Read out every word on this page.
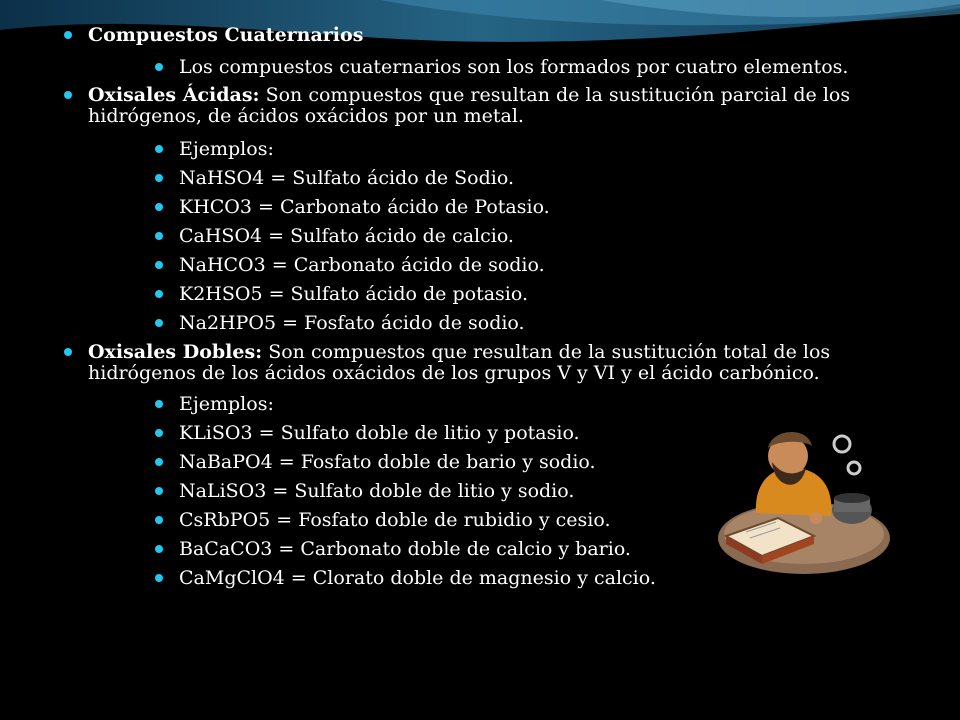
Compuestos Cuaternarios
Los compuestos cuaternarios son los formados por cuatro elementos.
Oxisales Ácidas: Son compuestos que resultan de la sustitución parcial de los hidrógenos, de ácidos oxácidos por un metal.
Ejemplos:
NaHSO4 = Sulfato ácido de Sodio.
KHCO3 = Carbonato ácido de Potasio.
CaHSO4 = Sulfato ácido de calcio.
NaHCO3 = Carbonato ácido de sodio.
K2HSO5 = Sulfato ácido de potasio.
Na2HPO5 = Fosfato ácido de sodio.
Oxisales Dobles: Son compuestos que resultan de la sustitución total de los hidrógenos de los ácidos oxácidos de los grupos V y VI y el ácido carbónico.
Ejemplos:
KLiSO3 = Sulfato doble de litio y potasio.
NaBaPO4 = Fosfato doble de bario y sodio.
NaLiSO3 = Sulfato doble de litio y sodio.
CsRbPO5 = Fosfato doble de rubidio y cesio.
BaCaCO3 = Carbonato doble de calcio y bario.
CaMgClO4 = Clorato doble de magnesio y calcio.
